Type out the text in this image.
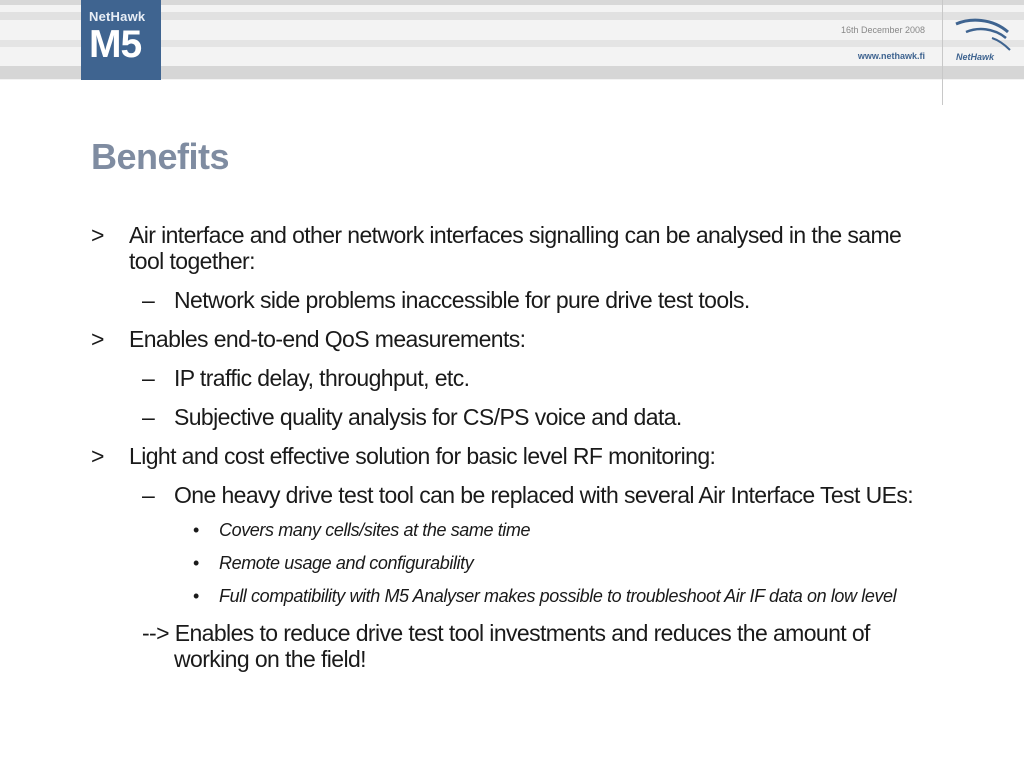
NetHawk
M5	16th December 2008
www.nethawk.fi	NetHawk
Benefits
> Air interface and other network interfaces signalling can be analysed in the same tool together:
– Network side problems inaccessible for pure drive test tools.
> Enables end-to-end QoS measurements:
– IP traffic delay, throughput, etc.
– Subjective quality analysis for CS/PS voice and data.
> Light and cost effective solution for basic level RF monitoring:
– One heavy drive test tool can be replaced with several Air Interface Test UEs:
• Covers many cells/sites at the same time
• Remote usage and configurability
• Full compatibility with M5 Analyser makes possible to troubleshoot Air IF data on low level
--> Enables to reduce drive test tool investments and reduces the amount of working on the field!
